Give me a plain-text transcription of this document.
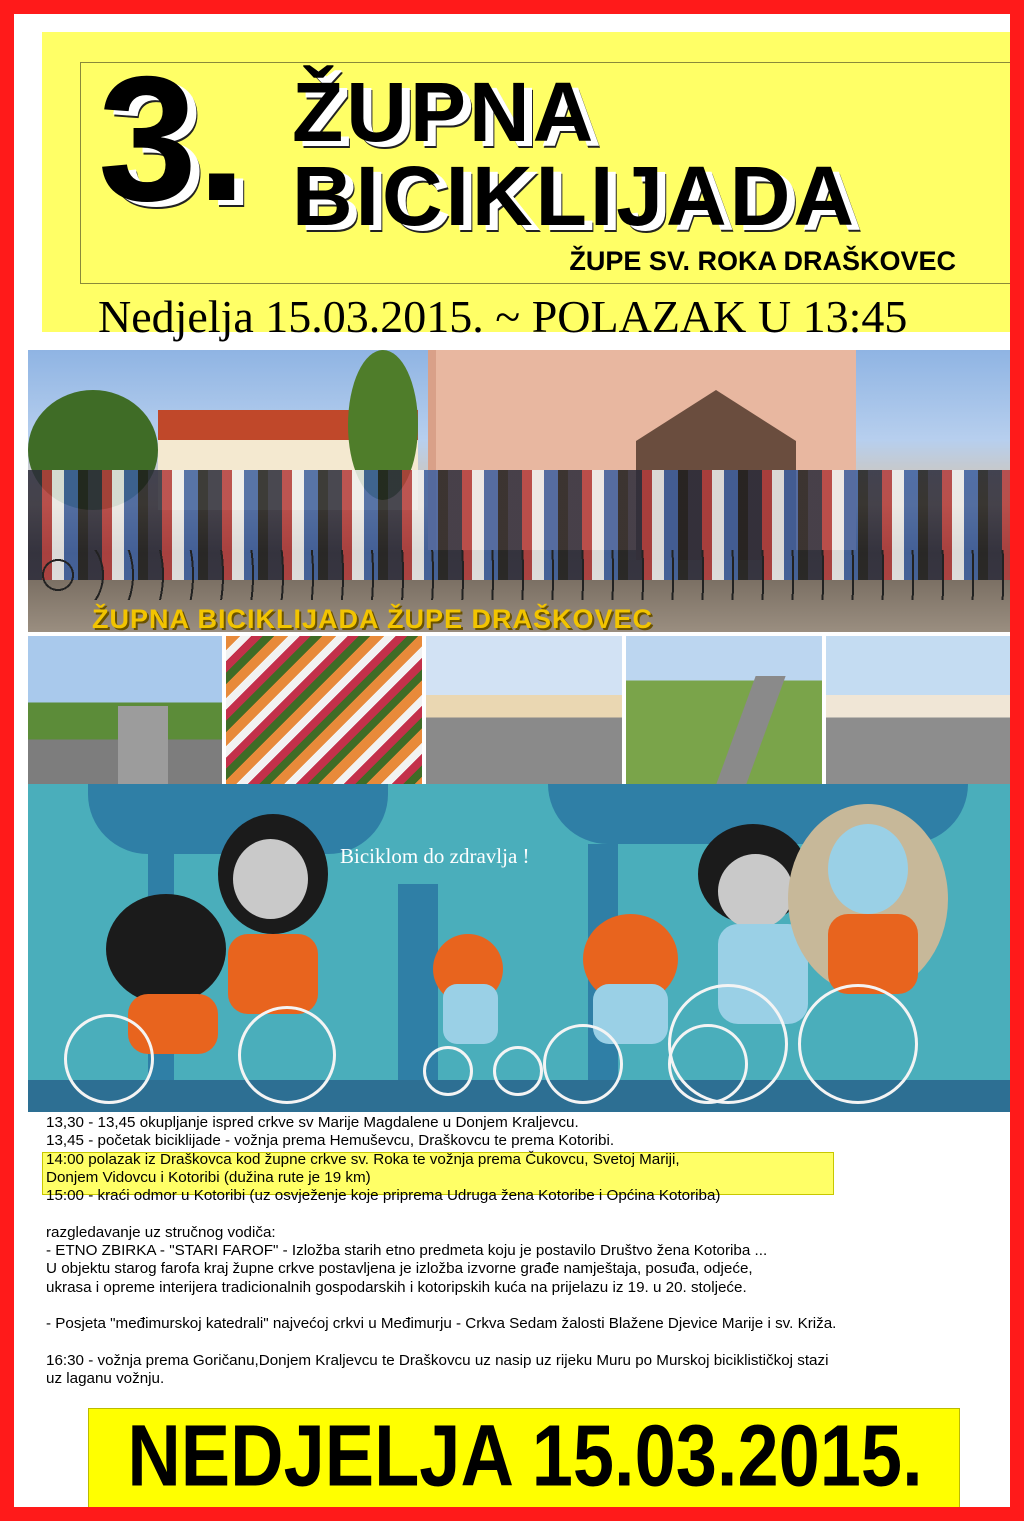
3. ŽUPNA
BICIKLIJADA
ŽUPE SV. ROKA DRAŠKOVEC
Nedjelja 15.03.2015. ~ POLAZAK U 13:45
ŽUPNA BICIKLIJADA ŽUPE DRAŠKOVEC
Biciklom do zdravlja !
13,30 - 13,45 okupljanje ispred crkve sv Marije Magdalene u Donjem Kraljevcu.
13,45 - početak biciklijade - vožnja prema Hemuševcu, Draškovcu te prema Kotoribi.
14:00 polazak iz Draškovca kod župne crkve sv. Roka te vožnja prema Čukovcu, Svetoj Mariji,
Donjem Vidovcu i Kotoribi (dužina rute je 19 km)
15:00 - kraći odmor u Kotoribi (uz osvježenje koje priprema Udruga žena Kotoribe i Općina Kotoriba)
razgledavanje uz stručnog vodiča:
- ETNO ZBIRKA - "STARI FAROF" - Izložba starih etno predmeta koju je postavilo Društvo žena Kotoriba ...
U objektu starog farofa kraj župne crkve postavljena je izložba izvorne građe namještaja, posuđa, odjeće,
ukrasa i opreme interijera tradicionalnih gospodarskih i kotoripskih kuća na prijelazu iz 19. u 20. stoljeće.
- Posjeta "međimurskoj katedrali" najvećoj crkvi u Međimurju - Crkva Sedam žalosti Blažene Djevice Marije i sv. Križa.
16:30 - vožnja prema Goričanu,Donjem Kraljevcu te Draškovcu uz nasip uz rijeku Muru po Murskoj biciklističkoj stazi
uz laganu vožnju.
NEDJELJA 15.03.2015.
